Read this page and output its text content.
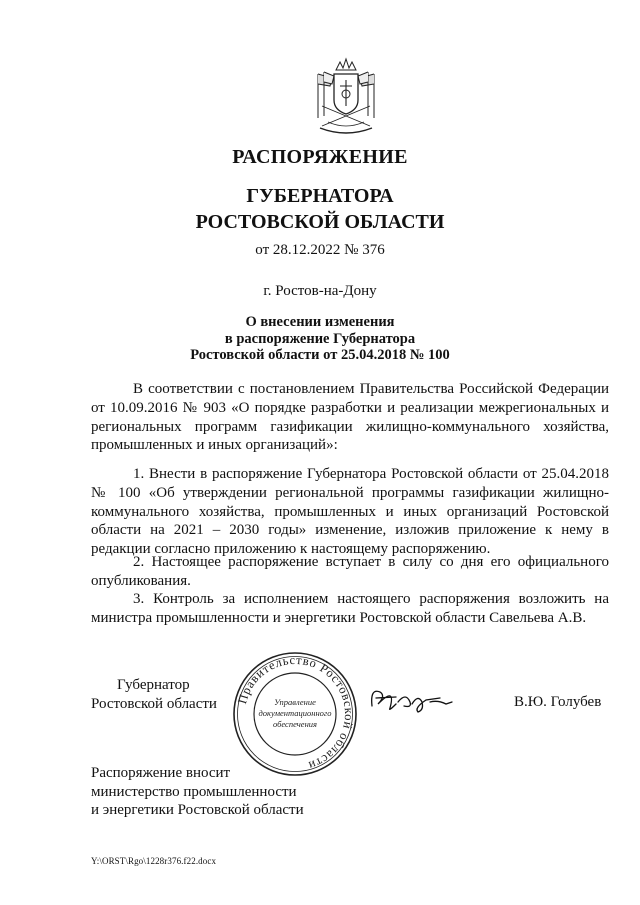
РАСПОРЯЖЕНИЕ
ГУБЕРНАТОРА
РОСТОВСКОЙ ОБЛАСТИ
от 28.12.2022 № 376
г. Ростов-на-Дону
О внесении изменения
в распоряжение Губернатора
Ростовской области от 25.04.2018 № 100

В соответствии с постановлением Правительства Российской Федерации от 10.09.2016 № 903 «О порядке разработки и реализации межрегиональных и региональных программ газификации жилищно-коммунального хозяйства, промышленных и иных организаций»:

1. Внести в распоряжение Губернатора Ростовской области от 25.04.2018 № 100 «Об утверждении региональной программы газификации жилищно-коммунального хозяйства, промышленных и иных организаций Ростовской области на 2021 – 2030 годы» изменение, изложив приложение к нему в редакции согласно приложению к настоящему распоряжению.

2. Настоящее распоряжение вступает в силу со дня его официального опубликования.

3. Контроль за исполнением настоящего распоряжения возложить на министра промышленности и энергетики Ростовской области Савельева А.В.

Губернатор
Ростовской области	Правительство Ростовской области
Управление
документационного
обеспечения
В.Ю. Голубев
Распоряжение вносит
министерство промышленности
и энергетики Ростовской области
Y:\ORST\Rgo\1228r376.f22.docx
